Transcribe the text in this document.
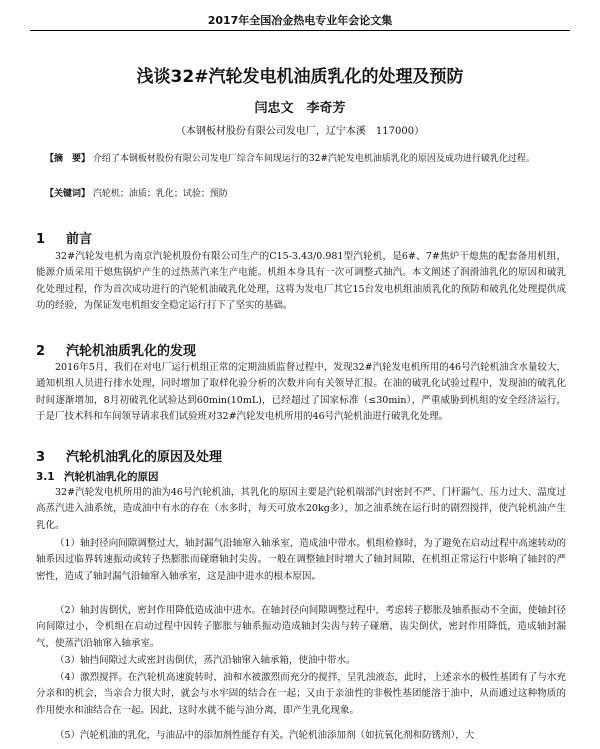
2017年全国冶金热电专业年会论文集
浅谈32#汽轮发电机油质乳化的处理及预防
闫忠文　李奇芳
（本钢板材股份有限公司发电厂，辽宁本溪　117000）
【摘　要】 介绍了本钢板材股份有限公司发电厂综合车间现运行的32#汽轮发电机油质乳化的原因及成功进行破乳化过程。
【关键词】 汽轮机；油质；乳化；试验；预防
1 前言

32#汽轮发电机为南京汽轮机股份有限公司生产的C15-3.43/0.981型汽轮机，是6#、7#焦炉干熄焦的配套备用机组，能源介质采用干熄焦锅炉产生的过热蒸汽来生产电能。机组本身具有一次可调整式抽汽。本文阐述了润滑油乳化的原因和破乳化处理过程，作为首次成功进行的汽轮机油破乳化处理，这将为发电厂其它15台发电机组油质乳化的预防和破乳化处理提供成功的经验，为保证发电机组安全稳定运行打下了坚实的基础。

2 汽轮机油质乳化的发现

2016年5月，我们在对电厂运行机组正常的定期油质监督过程中，发现32#汽轮发电机所用的46号汽轮机油含水量较大，通知机组人员进行排水处理，同时增加了取样化验分析的次数并向有关领导汇报。在油的破乳化试验过程中，发现油的破乳化时间逐渐增加，8月初破乳化试验达到60min(10mL)，已经超过了国家标准（≤30min），严重威胁到机组的安全经济运行，于是厂技术科和车间领导请求我们试验班对32#汽轮发电机所用的46号汽轮机油进行破乳化处理。

3 汽轮机油乳化的原因及处理
3.1 汽轮机油乳化的原因

32#汽轮发电机所用的油为46号汽轮机油，其乳化的原因主要是汽轮机端部汽封密封不严、门杆漏气、压力过大、温度过高蒸汽进入油系统，造成油中有水的存在（水多时，每天可放水20kg多），加之油系统在运行时的剧烈搅拌，使汽轮机油产生乳化。

（1）轴封径向间隙调整过大，轴封漏气沿轴窜入轴承室，造成油中带水。机组检修时，为了避免在启动过程中高速转动的轴系因过临界转速振动或转子热膨胀而碰磨轴封尖齿。一般在调整轴封时增大了轴封间隙，在机组正常运行中影响了轴封的严密性，造成了轴封漏气沿轴窜入轴承室，这是油中进水的根本原因。

（2）轴封齿倒伏，密封作用降低造成油中进水。在轴封径向间隙调整过程中，考虑转子膨胀及轴系振动不全面，使轴封径向间隙过小，令机组在启动过程中因转子膨胀与轴系振动造成轴封尖齿与转子碰磨，齿尖倒伏，密封作用降低，造成轴封漏气，使蒸汽沿轴窜入轴承室。

（3）轴挡间隙过大或密封齿倒伏，蒸汽沿轴窜入轴承箱，使油中带水。

（4）激烈搅拌。在汽轮机高速旋转时，油和水被激烈而充分的搅拌，呈乳浊液态，此时，上述亲水的极性基团有了与水充分亲和的机会，当亲合力很大时，就会与水牢固的结合在一起；又由于亲油性的非极性基团能溶于油中，从而通过这种物质的作用使水和油结合在一起。因此，这时水就不能与油分离，即产生乳化现象。

（5）汽轮机油的乳化，与油品中的添加剂性能存有关。汽轮机油添加剂（如抗氧化剂和防锈剂），大
